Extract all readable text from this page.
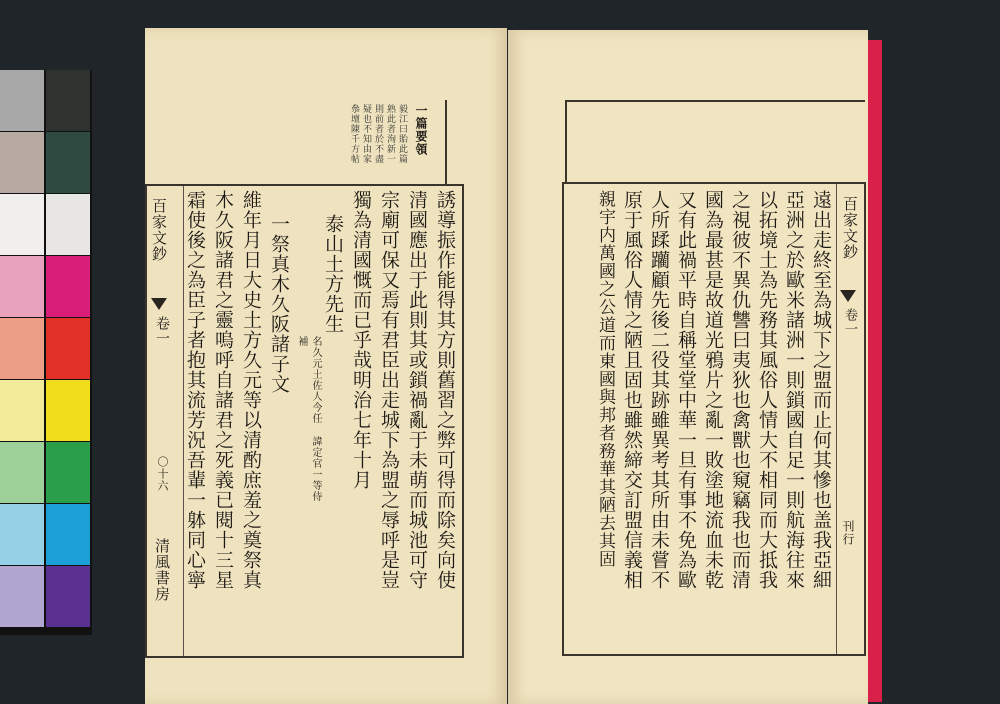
一篇要領
毅江曰貽此篇
熟此者洵新一
則前者於不盡
疑也不知由家
叅壇陳千方帖
百家文鈔
卷一
〇十六
清風書房	誘導振作能得其方則舊習之弊可得而除矣向使
清國應出于此則其或鎖禍亂于未萌而城池可守
宗廟可保又焉有君臣出走城下為盟之辱呼是豈
獨為清國慨而已乎哉明治七年十月
泰山土方先生
名久元土佐人今任 諱定官一等侍補
一祭真木久阪諸子文
維年月日大史土方久元等以清酌庶羞之奠祭真
木久阪諸君之靈嗚呼自諸君之死義已閱十三星
霜使後之為臣子者抱其流芳況吾輩一躰同心寧	百家文鈔
卷一
刊行
遠出走終至為城下之盟而止何其慘也盖我亞細
亞洲之於歐米諸洲一則鎖國自足一則航海往來
以拓境土為先務其風俗人情大不相同而大抵我
之視彼不異仇讐曰夷狄也禽獸也窺竊我也而清
國為最甚是故道光鴉片之亂一敗塗地流血未乾
又有此禍平時自稱堂堂中華一旦有事不免為歐
人所蹂躪顧先後二役其跡雖異考其所由未嘗不
原于風俗人情之陋且固也雖然締交訂盟信義相
親宇内萬國之公道而東國與邦者務華其陋去其固
